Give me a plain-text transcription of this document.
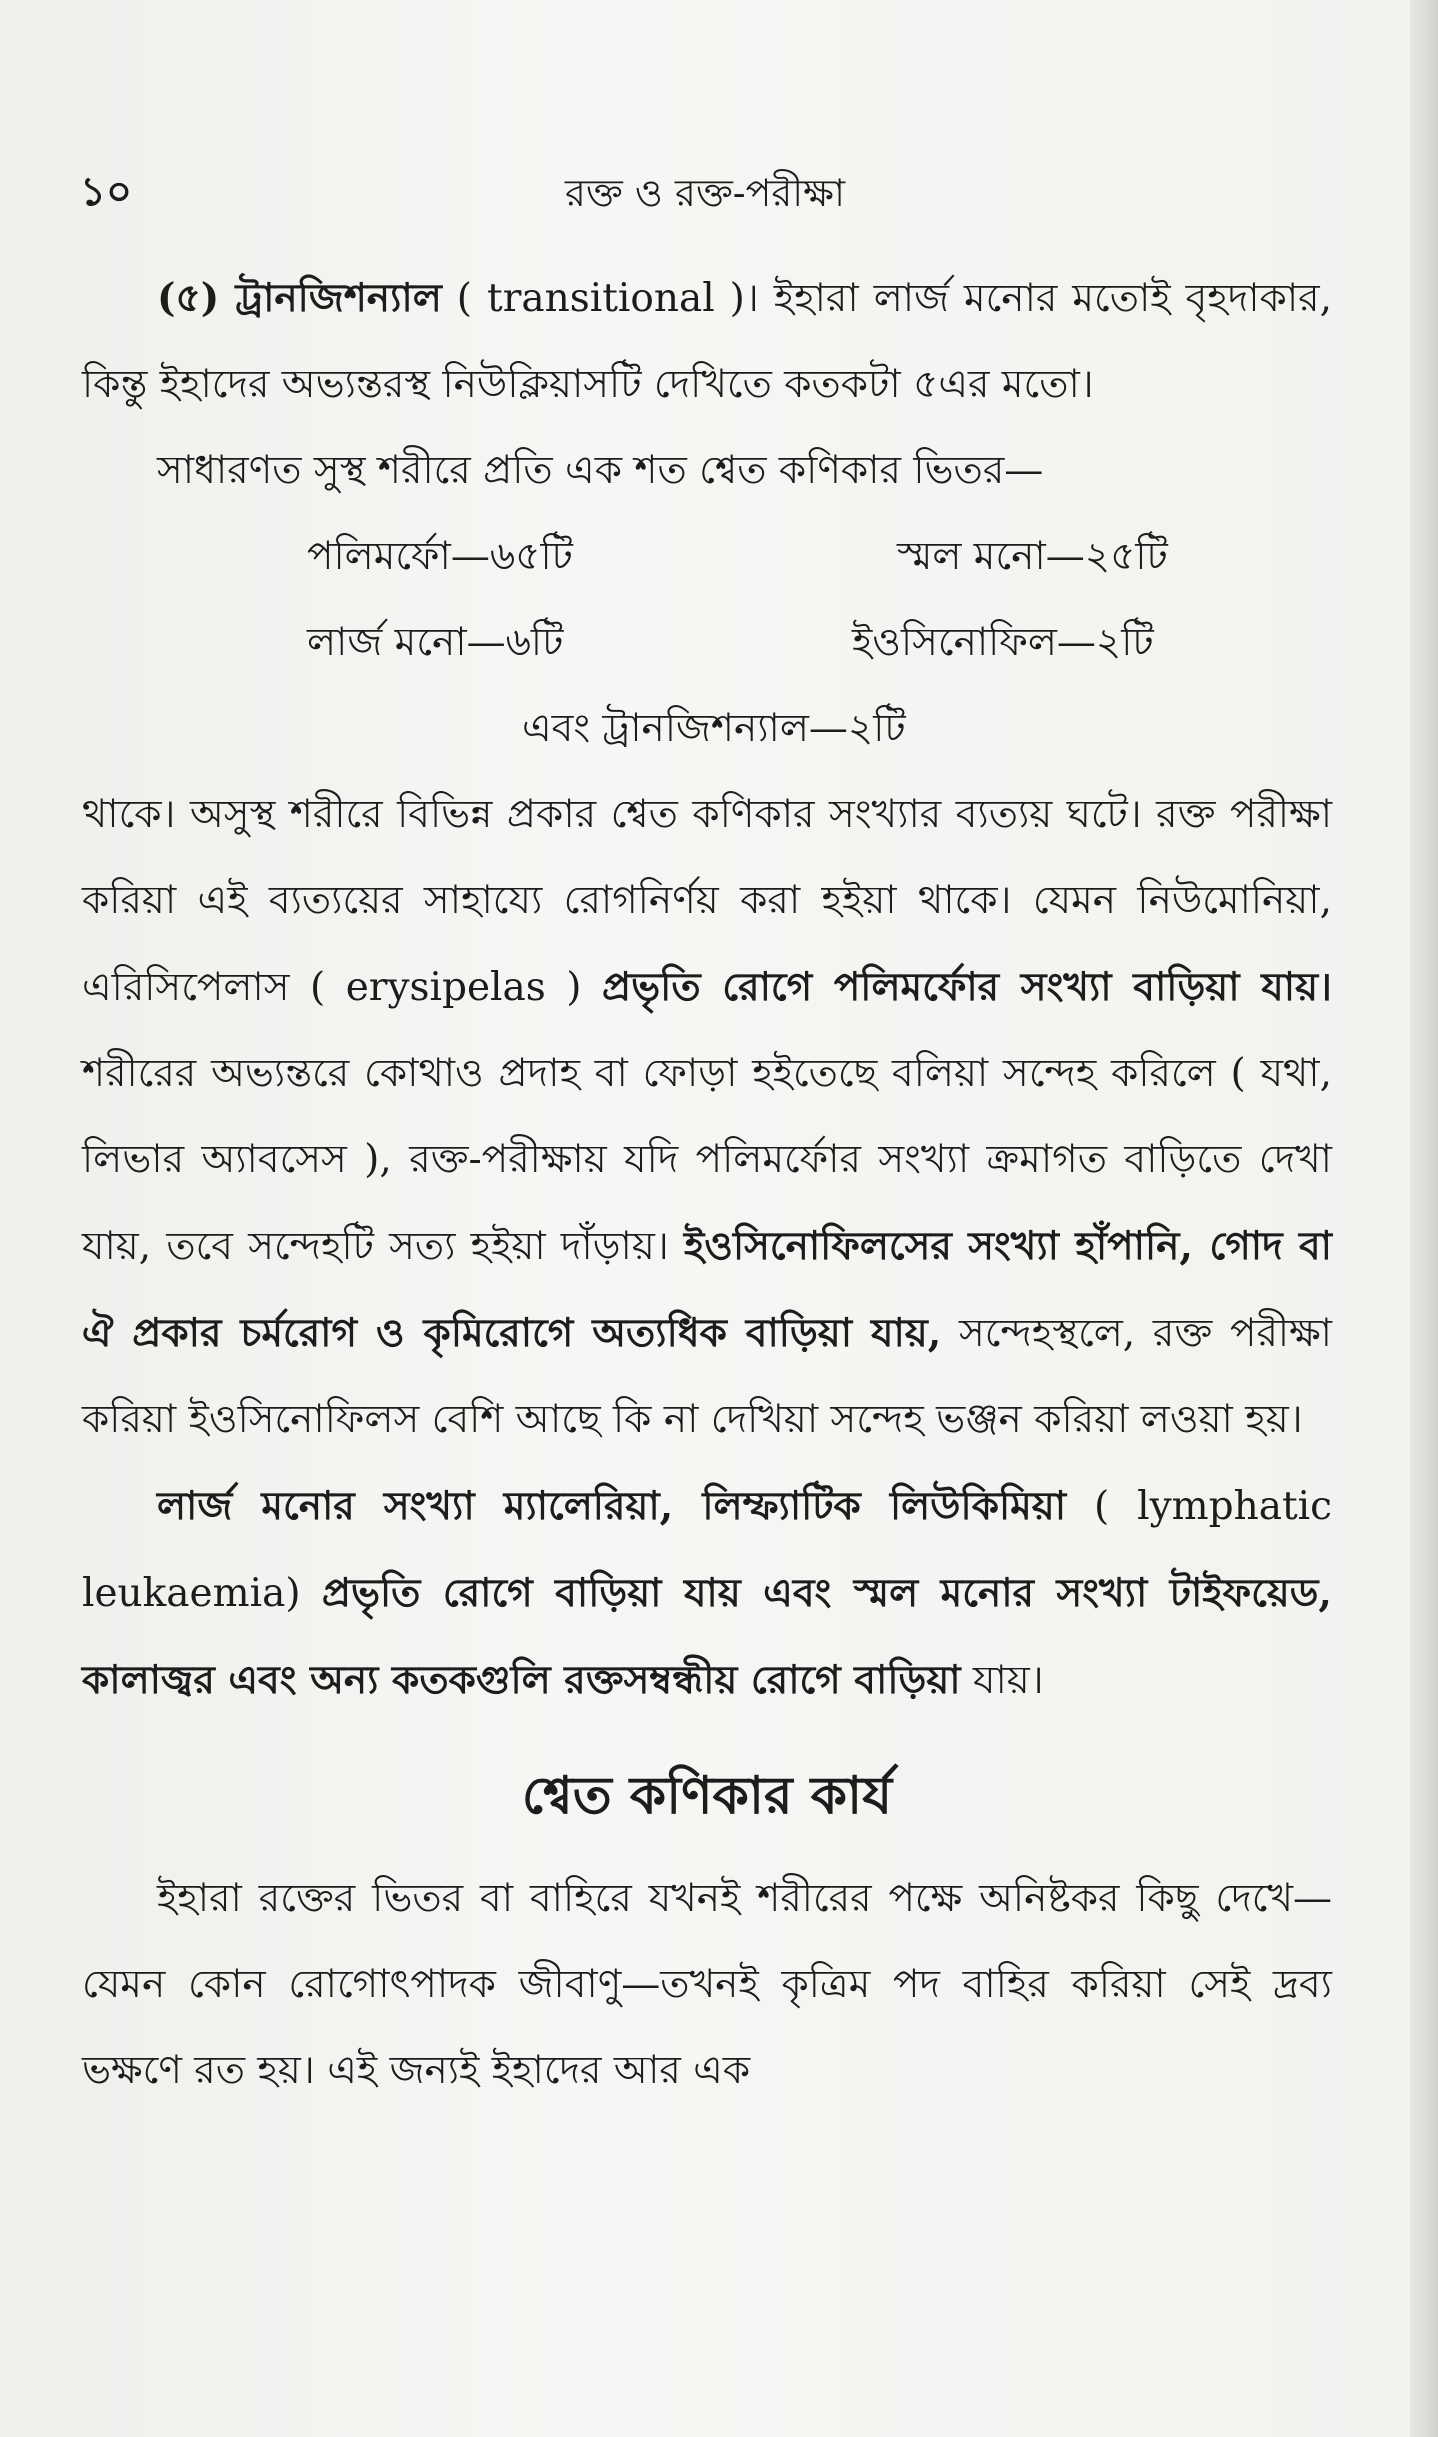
১০	রক্ত ও রক্ত-পরীক্ষা

(৫) ট্রানজিশন্যাল ( transitional )। ইহারা লার্জ মনোর মতোই বৃহদাকার, কিন্তু ইহাদের অভ্যন্তরস্থ নিউক্লিয়াসটি দেখিতে কতকটা ৫এর মতো।

সাধারণত সুস্থ শরীরে প্রতি এক শত শ্বেত কণিকার ভিতর—

পলিমর্ফো—৬৫টি	স্মল মনো—২৫টি
লার্জ মনো—৬টি	ইওসিনোফিল—২টি
এবং ট্রানজিশন্যাল—২টি

থাকে। অসুস্থ শরীরে বিভিন্ন প্রকার শ্বেত কণিকার সংখ্যার ব্যত্যয় ঘটে। রক্ত পরীক্ষা করিয়া এই ব্যত্যয়ের সাহায্যে রোগনির্ণয় করা হইয়া থাকে। যেমন নিউমোনিয়া, এরিসিপেলাস ( erysipelas ) প্রভৃতি রোগে পলিমর্ফোর সংখ্যা বাড়িয়া যায়। শরীরের অভ্যন্তরে কোথাও প্রদাহ বা ফোড়া হইতেছে বলিয়া সন্দেহ করিলে ( যথা, লিভার অ্যাবসেস ), রক্ত-পরীক্ষায় যদি পলিমর্ফোর সংখ্যা ক্রমাগত বাড়িতে দেখা যায়, তবে সন্দেহটি সত্য হইয়া দাঁড়ায়। ইওসিনোফিলসের সংখ্যা হাঁপানি, গোদ বা ঐ প্রকার চর্মরোগ ও কৃমিরোগে অত্যধিক বাড়িয়া যায়, সন্দেহস্থলে, রক্ত পরীক্ষা করিয়া ইওসিনোফিলস বেশি আছে কি না দেখিয়া সন্দেহ ভঞ্জন করিয়া লওয়া হয়।

লার্জ মনোর সংখ্যা ম্যালেরিয়া, লিম্ফ্যাটিক লিউকিমিয়া ( lymphatic leukaemia) প্রভৃতি রোগে বাড়িয়া যায় এবং স্মল মনোর সংখ্যা টাইফয়েড, কালাজ্বর এবং অন্য কতকগুলি রক্তসম্বন্ধীয় রোগে বাড়িয়া যায়।

শ্বেত কণিকার কার্য

ইহারা রক্তের ভিতর বা বাহিরে যখনই শরীরের পক্ষে অনিষ্টকর কিছু দেখে—যেমন কোন রোগোৎপাদক জীবাণু—তখনই কৃত্রিম পদ বাহির করিয়া সেই দ্রব্য ভক্ষণে রত হয়। এই জন্যই ইহাদের আর এক
